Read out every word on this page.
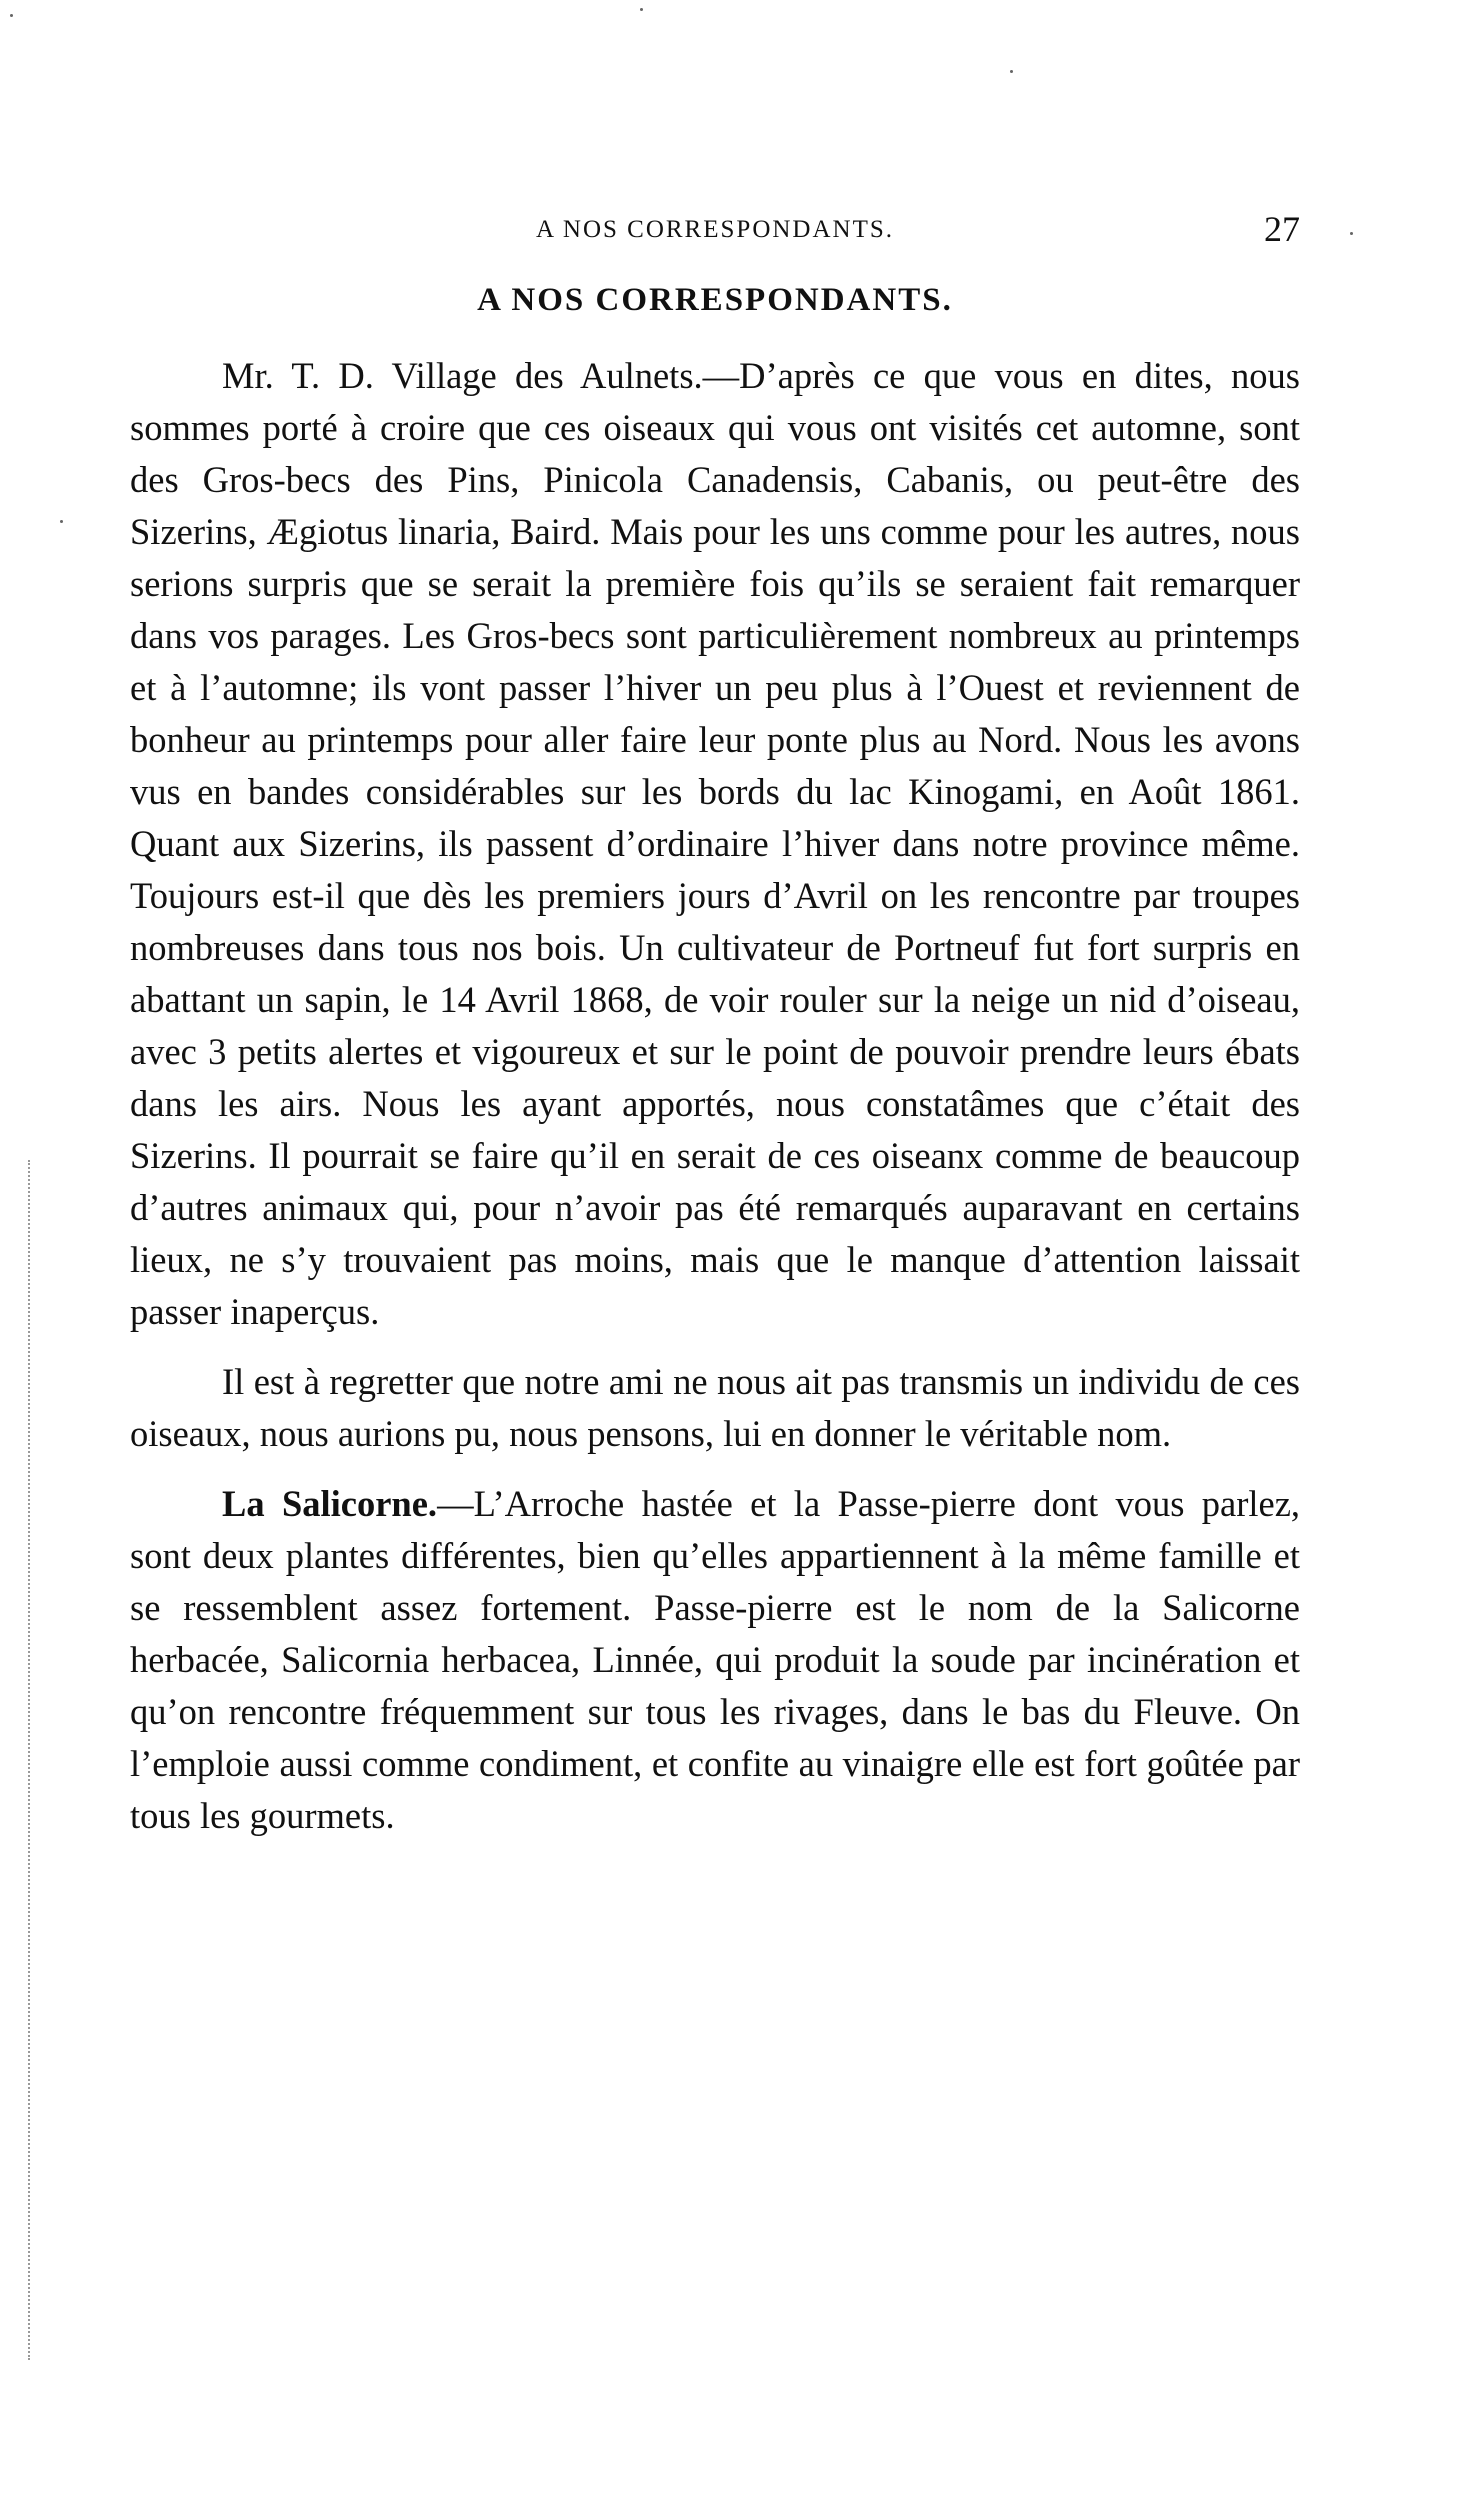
A NOS CORRESPONDANTS.	27
A NOS CORRESPONDANTS.

Mr. T. D. Village des Aulnets.—D’après ce que vous en dites, nous sommes porté à croire que ces oiseaux qui vous ont visités cet automne, sont des Gros-becs des Pins, Pinicola Canadensis, Cabanis, ou peut-être des Sizerins, Ægiotus linaria, Baird. Mais pour les uns comme pour les autres, nous serions surpris que se serait la première fois qu’ils se seraient fait remarquer dans vos parages. Les Gros-becs sont particulièrement nombreux au printemps et à l’automne; ils vont passer l’hiver un peu plus à l’Ouest et reviennent de bonheur au printemps pour aller faire leur ponte plus au Nord. Nous les avons vus en bandes considérables sur les bords du lac Kinogami, en Août 1861. Quant aux Sizerins, ils passent d’ordinaire l’hiver dans notre province même. Toujours est-il que dès les premiers jours d’Avril on les rencontre par troupes nombreuses dans tous nos bois. Un cultivateur de Portneuf fut fort surpris en abattant un sapin, le 14 Avril 1868, de voir rouler sur la neige un nid d’oiseau, avec 3 petits alertes et vigoureux et sur le point de pouvoir prendre leurs ébats dans les airs. Nous les ayant apportés, nous constatâmes que c’était des Sizerins. Il pourrait se faire qu’il en serait de ces oiseanx comme de beaucoup d’autres animaux qui, pour n’avoir pas été remarqués auparavant en certains lieux, ne s’y trouvaient pas moins, mais que le manque d’attention laissait passer inaperçus.

Il est à regretter que notre ami ne nous ait pas transmis un individu de ces oiseaux, nous aurions pu, nous pensons, lui en donner le véritable nom.

La Salicorne.—L’Arroche hastée et la Passe-pierre dont vous parlez, sont deux plantes différentes, bien qu’elles appartiennent à la même famille et se ressemblent assez fortement. Passe-pierre est le nom de la Salicorne herbacée, Salicornia herbacea, Linnée, qui produit la soude par incinération et qu’on rencontre fréquemment sur tous les rivages, dans le bas du Fleuve. On l’emploie aussi comme condiment, et confite au vinaigre elle est fort goûtée par tous les gourmets.
